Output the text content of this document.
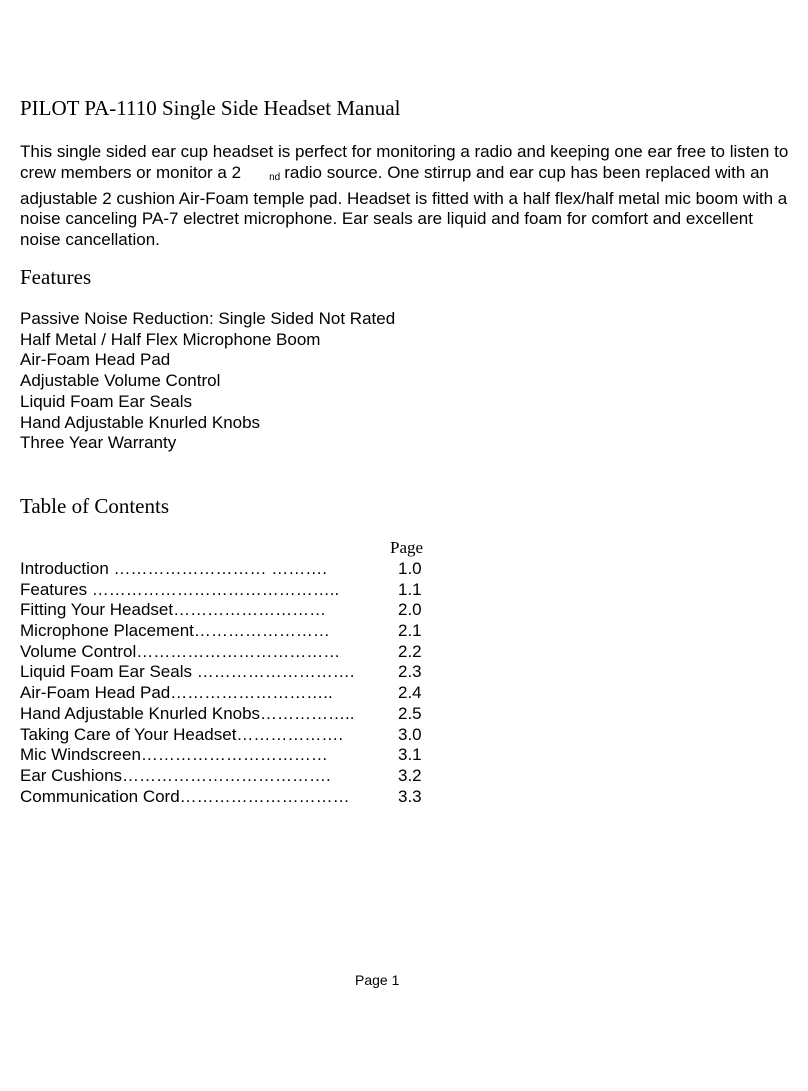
PILOT PA-1110 Single Side Headset Manual

This single sided ear cup headset is perfect for monitoring a radio and keeping one ear free to listen to crew members or monitor a 2	$_{nd}$ radio source. One stirrup and ear cup has been replaced with an adjustable 2 cushion Air-Foam temple pad. Headset is fitted with a half flex/half metal mic boom with a noise canceling PA-7 electret microphone. Ear seals are liquid and foam for comfort and excellent noise cancellation.

Features
Passive Noise Reduction: Single Sided Not Rated
Half Metal / Half Flex Microphone Boom
Air-Foam Head Pad
Adjustable Volume Control
Liquid Foam Ear Seals
Hand Adjustable Knurled Knobs
Three Year Warranty
Table of Contents
Page
Introduction ……………………… ……….	1.0
Features ……………………………………..	1.1
Fitting Your Headset………………………	2.0
Microphone Placement……………………	2.1
Volume Control………………………………	2.2
Liquid Foam Ear Seals ……………………….	2.3
Air-Foam Head Pad………………………..	2.4
Hand Adjustable Knurled Knobs……………..	2.5
Taking Care of Your Headset……………….	3.0
Mic Windscreen……………………………	3.1
Ear Cushions……………………………….	3.2
Communication Cord…………………………	3.3
Page 1
